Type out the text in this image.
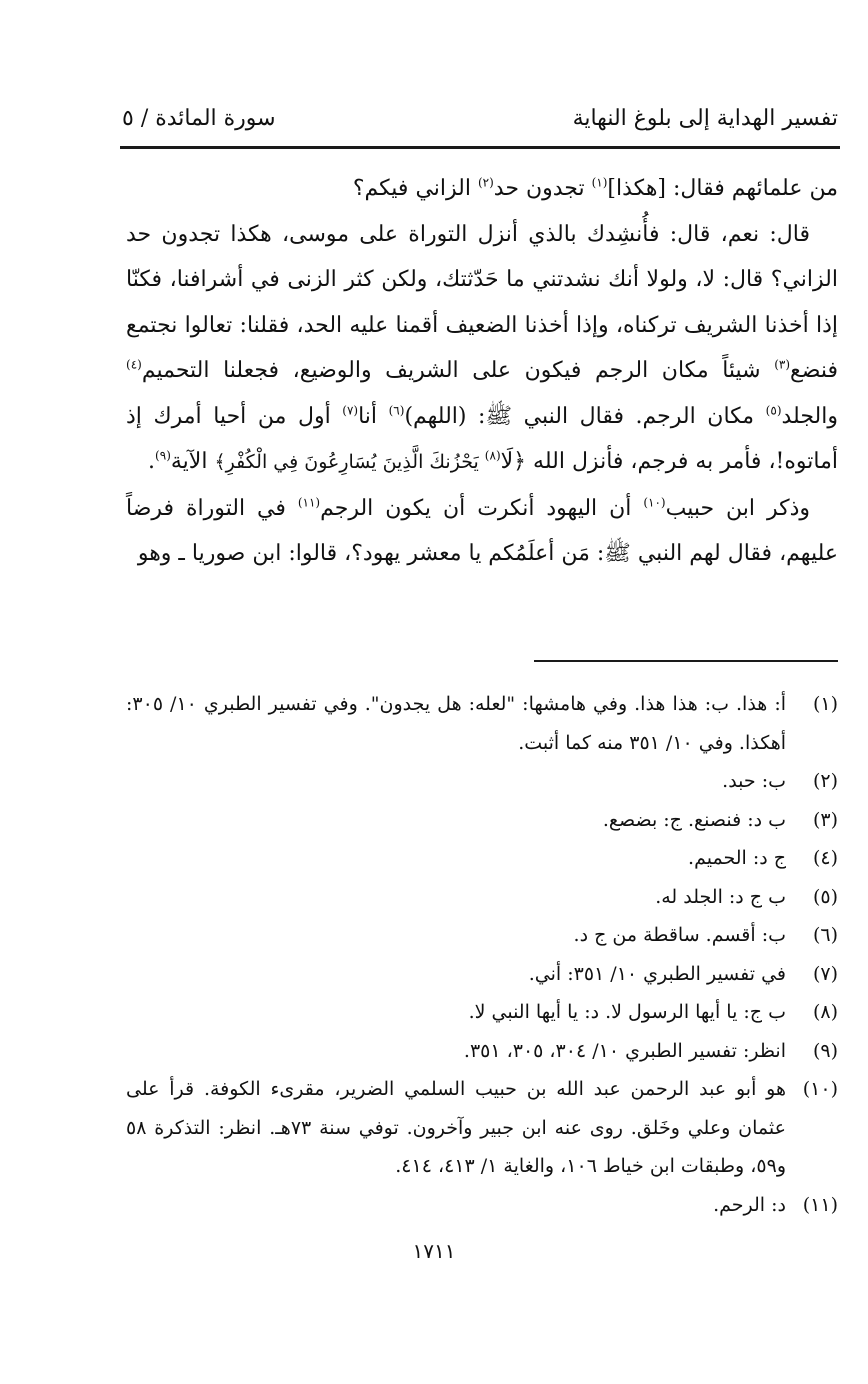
تفسير الهداية إلى بلوغ النهاية
سورة المائدة / ٥

من علمائهم فقال: [هكذا]$^{(١)}$ تجدون حد$^{(٢)}$ الزاني فيكم؟

قال: نعم، قال: فأُنشِدك بالذي أنزل التوراة على موسى، هكذا تجدون حد الزاني؟ قال: لا، ولولا أنك نشدتني ما حَدّثتك، ولكن كثر الزنى في أشرافنا، فكنّا إذا أخذنا الشريف تركناه، وإذا أخذنا الضعيف أقمنا عليه الحد، فقلنا: تعالوا نجتمع فنضع$^{(٣)}$ شيئاً مكان الرجم فيكون على الشريف والوضيع، فجعلنا التحميم$^{(٤)}$ والجلد$^{(٥)}$ مكان الرجم. فقال النبي ﷺ: (اللهم)$^{(٦)}$ أنا$^{(٧)}$ أول من أحيا أمرك إذ أماتوه!، فأمر به فرجم، فأنزل الله ﴿لَا$^{(٨)}$ يَحْزُنكَ الَّذِينَ يُسَارِعُونَ فِي الْكُفْرِ﴾ الآية$^{(٩)}$.

وذكر ابن حبيب$^{(١٠)}$ أن اليهود أنكرت أن يكون الرجم$^{(١١)}$ في التوراة فرضاً عليهم، فقال لهم النبي ﷺ: مَن أعلَمُكم يا معشر يهود؟، قالوا: ابن صوريا ـ وهو

(١)
أ: هذا. ب: هذا هذا. وفي هامشها: "لعله: هل يجدون". وفي تفسير الطبري ١٠/ ٣٠٥: أهكذا. وفي ١٠/ ٣٥١ منه كما أثبت.
(٢)
ب: حبد.
(٣)
ب د: فنصنع. ج: بضصع.
(٤)
ج د: الحميم.
(٥)
ب ج د: الجلد له.
(٦)
ب: أقسم. ساقطة من ج د.
(٧)
في تفسير الطبري ١٠/ ٣٥١: أني.
(٨)
ب ج: يا أيها الرسول لا. د: يا أيها النبي لا.
(٩)
انظر: تفسير الطبري ١٠/ ٣٠٤، ٣٠٥، ٣٥١.
(١٠)
هو أبو عبد الرحمن عبد الله بن حبيب السلمي الضرير، مقرىء الكوفة. قرأ على عثمان وعلي وخَلق. روى عنه ابن جبير وآخرون. توفي سنة ٧٣هـ. انظر: التذكرة ٥٨ و٥٩، وطبقات ابن خياط ١٠٦، والغاية ١/ ٤١٣، ٤١٤.
(١١)
د: الرحم.
١٧١١
